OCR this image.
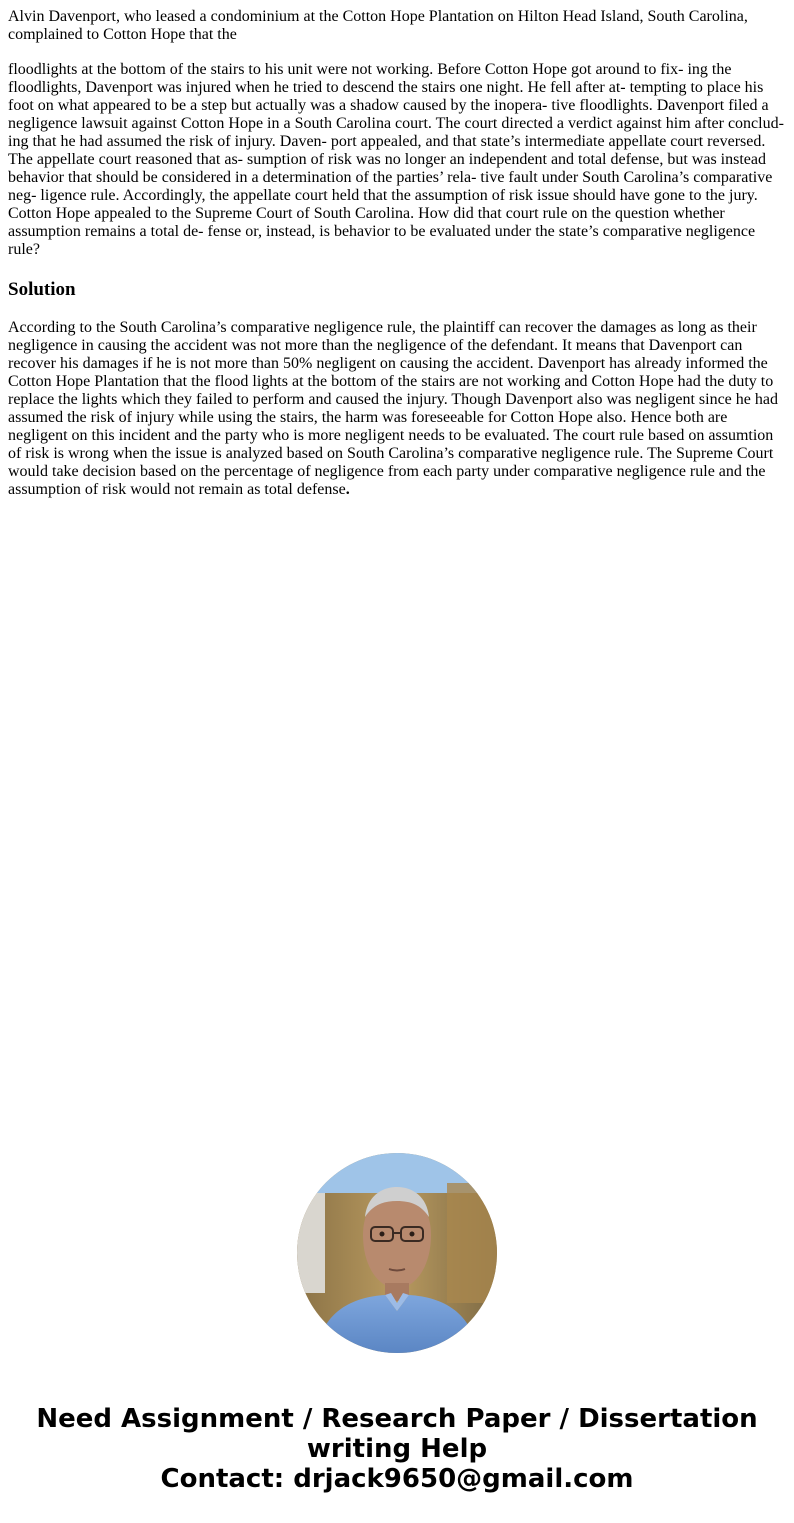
Alvin Davenport, who leased a condominium at the Cotton Hope Plantation on Hilton Head Island, South Carolina, complained to Cotton Hope that the

floodlights at the bottom of the stairs to his unit were not working. Before Cotton Hope got around to fix- ing the floodlights, Davenport was injured when he tried to descend the stairs one night. He fell after at- tempting to place his foot on what appeared to be a step but actually was a shadow caused by the inopera- tive floodlights. Davenport filed a negligence lawsuit against Cotton Hope in a South Carolina court. The court directed a verdict against him after conclud- ing that he had assumed the risk of injury. Daven- port appealed, and that state’s intermediate appellate court reversed. The appellate court reasoned that as- sumption of risk was no longer an independent and total defense, but was instead behavior that should be considered in a determination of the parties’ rela- tive fault under South Carolina’s comparative neg- ligence rule. Accordingly, the appellate court held that the assumption of risk issue should have gone to the jury. Cotton Hope appealed to the Supreme Court of South Carolina. How did that court rule on the question whether assumption remains a total de- fense or, instead, is behavior to be evaluated under the state’s comparative negligence rule?

Solution

According to the South Carolina’s comparative negligence rule, the plaintiff can recover the damages as long as their negligence in causing the accident was not more than the negligence of the defendant. It means that Davenport can recover his damages if he is not more than 50% negligent on causing the accident. Davenport has already informed the Cotton Hope Plantation that the flood lights at the bottom of the stairs are not working and Cotton Hope had the duty to replace the lights which they failed to perform and caused the injury. Though Davenport also was negligent since he had assumed the risk of injury while using the stairs, the harm was foreseeable for Cotton Hope also. Hence both are negligent on this incident and the party who is more negligent needs to be evaluated. The court rule based on assumtion of risk is wrong when the issue is analyzed based on South Carolina’s comparative negligence rule. The Supreme Court would take decision based on the percentage of negligence from each party under comparative negligence rule and the assumption of risk would not remain as total defense.

Need Assignment / Research Paper / Dissertation
writing Help
Contact: drjack9650@gmail.com
